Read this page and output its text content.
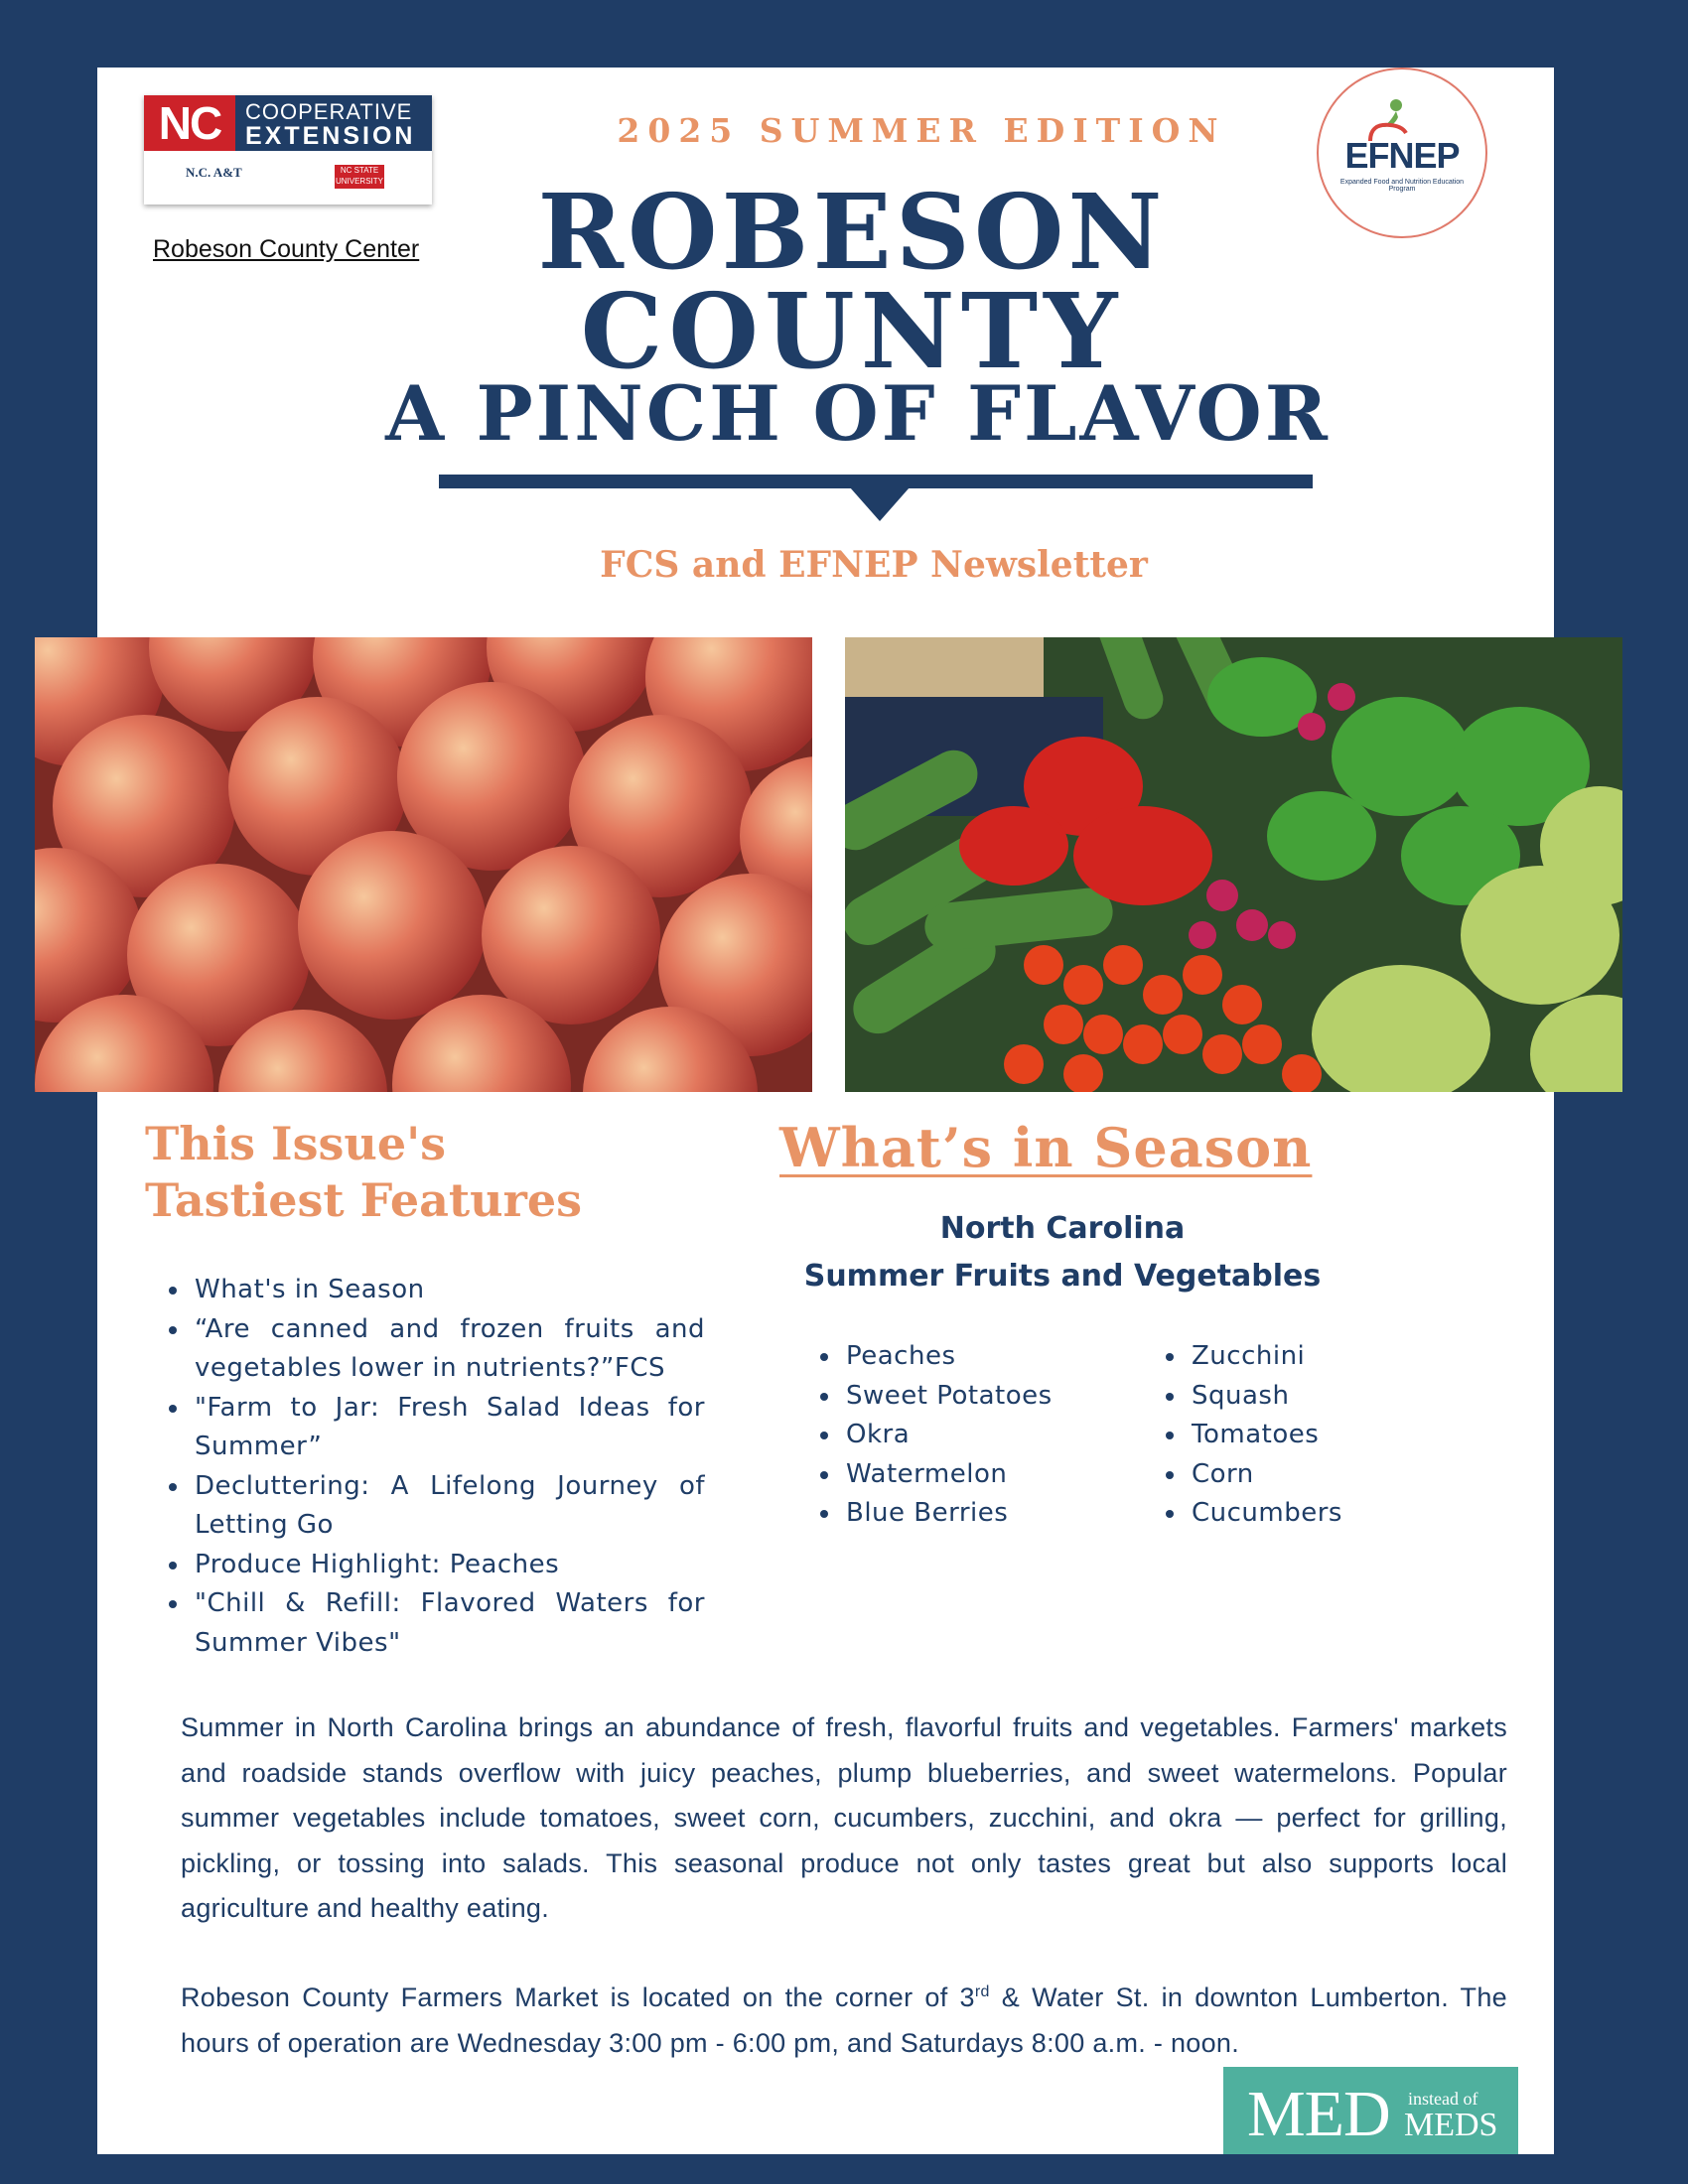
NC	COOPERATIVE
EXTENSION
N.C. A&T	NC STATE UNIVERSITY
Robeson County Center
EFNEP
Expanded Food and Nutrition Education Program
2025 SUMMER EDITION
ROBESON
COUNTY
A PINCH OF FLAVOR
FCS and EFNEP Newsletter
This Issue's
Tastiest Features
• What's in Season
• “Are canned and frozen fruits and vegetables lower in nutrients?”FCS
• "Farm to Jar: Fresh Salad Ideas for Summer”
• Decluttering: A Lifelong Journey of Letting Go
• Produce Highlight: Peaches
• "Chill & Refill: Flavored Waters for Summer Vibes"
What’s in Season
North Carolina
Summer Fruits and Vegetables
• Peaches
• Sweet Potatoes
• Okra
• Watermelon
• Blue Berries
• Zucchini
• Squash
• Tomatoes
• Corn
• Cucumbers

Summer in North Carolina brings an abundance of fresh, flavorful fruits and vegetables. Farmers' markets and roadside stands overflow with juicy peaches, plump blueberries, and sweet watermelons. Popular summer vegetables include tomatoes, sweet corn, cucumbers, zucchini, and okra — perfect for grilling, pickling, or tossing into salads. This seasonal produce not only tastes great but also supports local agriculture and healthy eating.

Robeson County Farmers Market is located on the corner of 3rd & Water St. in downton Lumberton. The hours of operation are Wednesday 3:00 pm - 6:00 pm, and Saturdays 8:00 a.m. - noon.

MED instead of
MEDS
